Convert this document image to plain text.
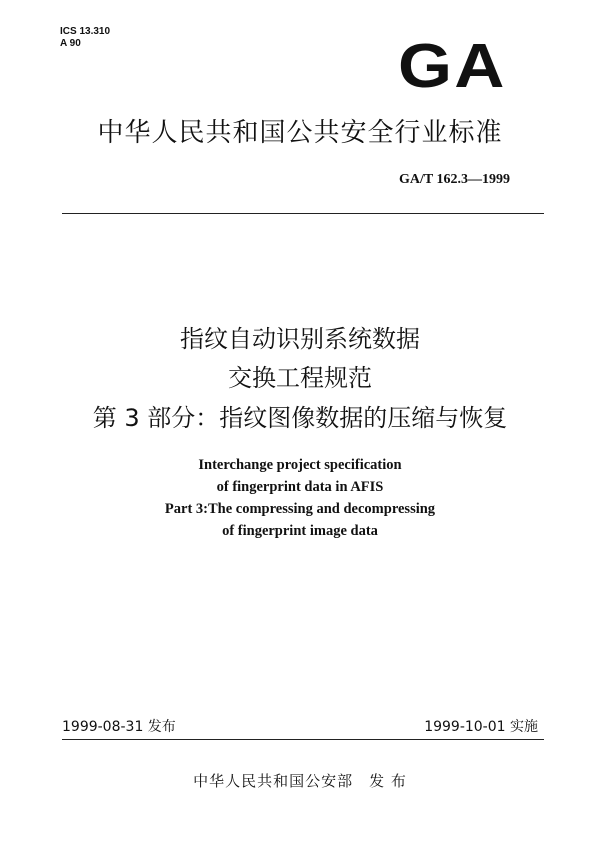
ICS 13.310
A 90	GA
中华人民共和国公共安全行业标准
GA/T 162.3—1999
指纹自动识别系统数据
交换工程规范
第 3 部分：指纹图像数据的压缩与恢复
Interchange project specification
of fingerprint data in AFIS
Part 3:The compressing and decompressing
of fingerprint image data
1999-08-31 发布	1999-10-01 实施
中华人民共和国公安部　发 布
